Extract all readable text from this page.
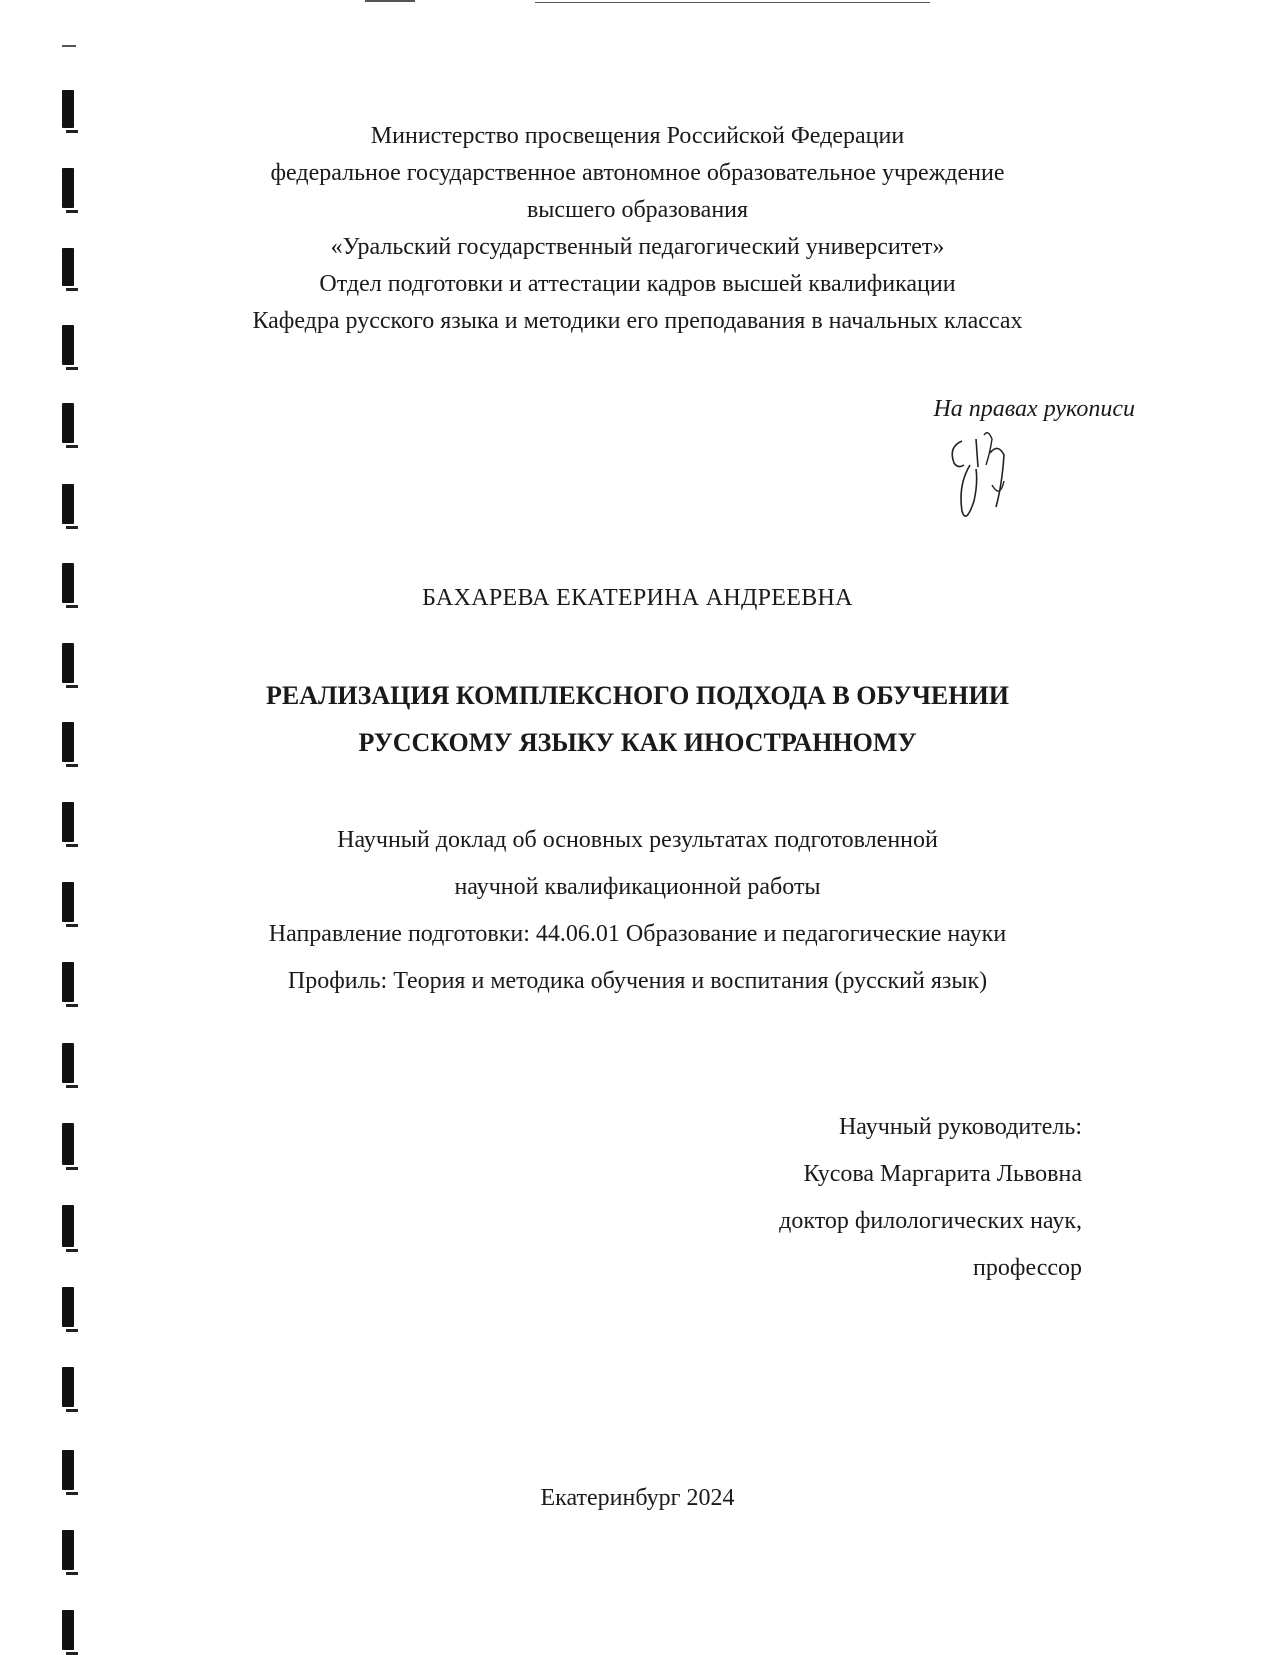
Министерство просвещения Российской Федерации
федеральное государственное автономное образовательное учреждение
высшего образования
«Уральский государственный педагогический университет»
Отдел подготовки и аттестации кадров высшей квалификации
Кафедра русского языка и методики его преподавания в начальных классах
На правах рукописи
БАХАРЕВА ЕКАТЕРИНА АНДРЕЕВНА
РЕАЛИЗАЦИЯ КОМПЛЕКСНОГО ПОДХОДА В ОБУЧЕНИИ
РУССКОМУ ЯЗЫКУ КАК ИНОСТРАННОМУ
Научный доклад об основных результатах подготовленной
научной квалификационной работы
Направление подготовки: 44.06.01 Образование и педагогические науки
Профиль: Теория и методика обучения и воспитания (русский язык)
Научный руководитель:
Кусова Маргарита Львовна
доктор филологических наук,
профессор
Екатеринбург 2024
